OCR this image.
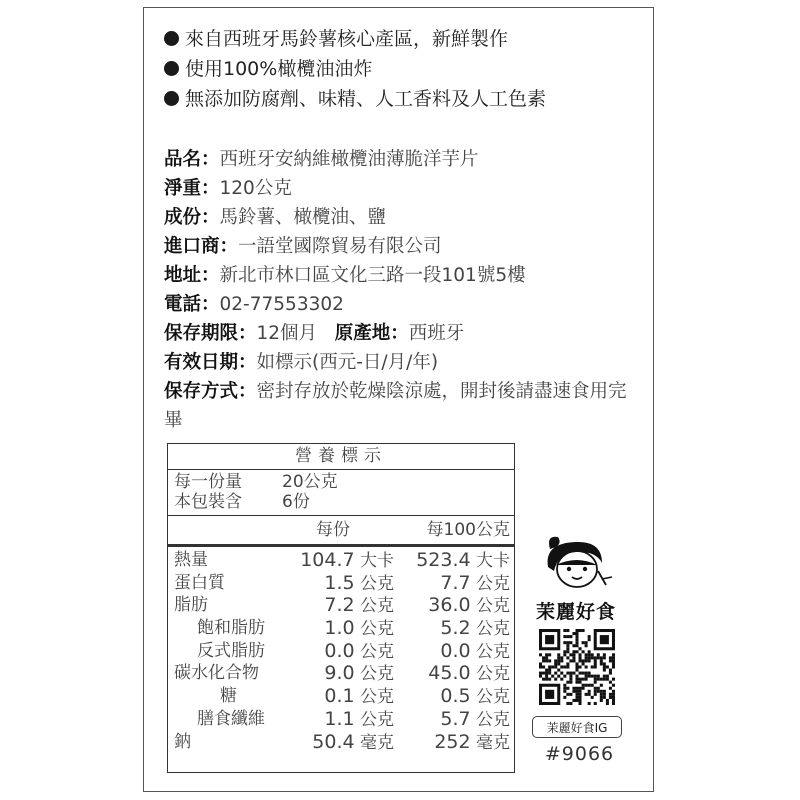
來自西班牙馬鈴薯核心產區，新鮮製作
使用100%橄欖油油炸
無添加防腐劑、味精、人工香料及人工色素
品名：西班牙安納維橄欖油薄脆洋芋片
淨重：120公克
成份：馬鈴薯、橄欖油、鹽
進口商：一語堂國際貿易有限公司
地址：新北市林口區文化三路一段101號5樓
電話：02-77553302
保存期限：12個月 原產地：西班牙
有效日期：如標示(西元-日/月/年)
保存方式：密封存放於乾燥陰涼處，開封後請盡速食用完畢
營養標示
每一份量 20公克
本包裝含 6份
每份	每100公克
熱量	104.7 大卡 523.4 大卡
蛋白質	1.5 公克 7.7 公克
脂肪	7.2 公克 36.0 公克
飽和脂肪	1.0 公克 5.2 公克
反式脂肪	0.0 公克 0.0 公克
碳水化合物	9.0 公克 45.0 公克
糖	0.1 公克 0.5 公克
膳食纖維	1.1 公克 5.7 公克
鈉	50.4 毫克 252 毫克
茉麗好食
茉麗好食IG
#9066
